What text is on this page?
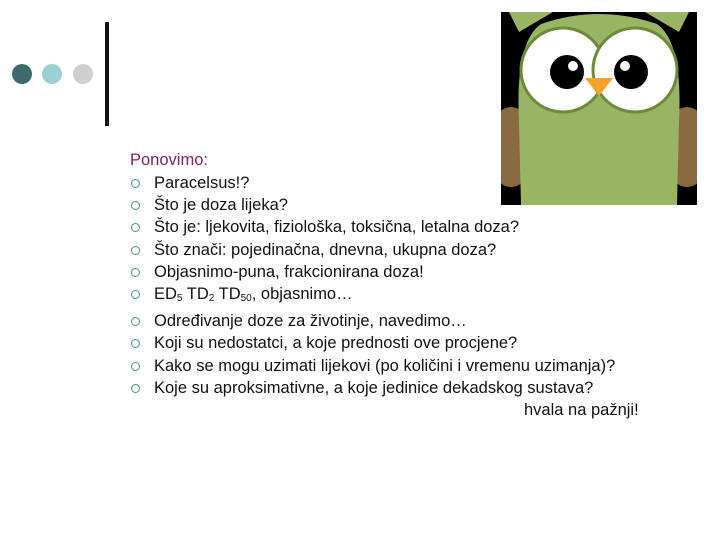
Ponovimo:
Paracelsus!?
Što je doza lijeka?
Što je: ljekovita, fiziološka, toksična, letalna doza?
Što znači: pojedinačna, dnevna, ukupna doza?
Objasnimo-puna, frakcionirana doza!
$ED_5$ $TD_2$ $TD_{50}$, objasnimo…
Određivanje doze za životinje, navedimo…
Koji su nedostatci, a koje prednosti ove procjene?
Kako se mogu uzimati lijekovi (po količini i vremenu uzimanja)?
Koje su aproksimativne, a koje jedinice dekadskog sustava?
hvala na pažnji!
